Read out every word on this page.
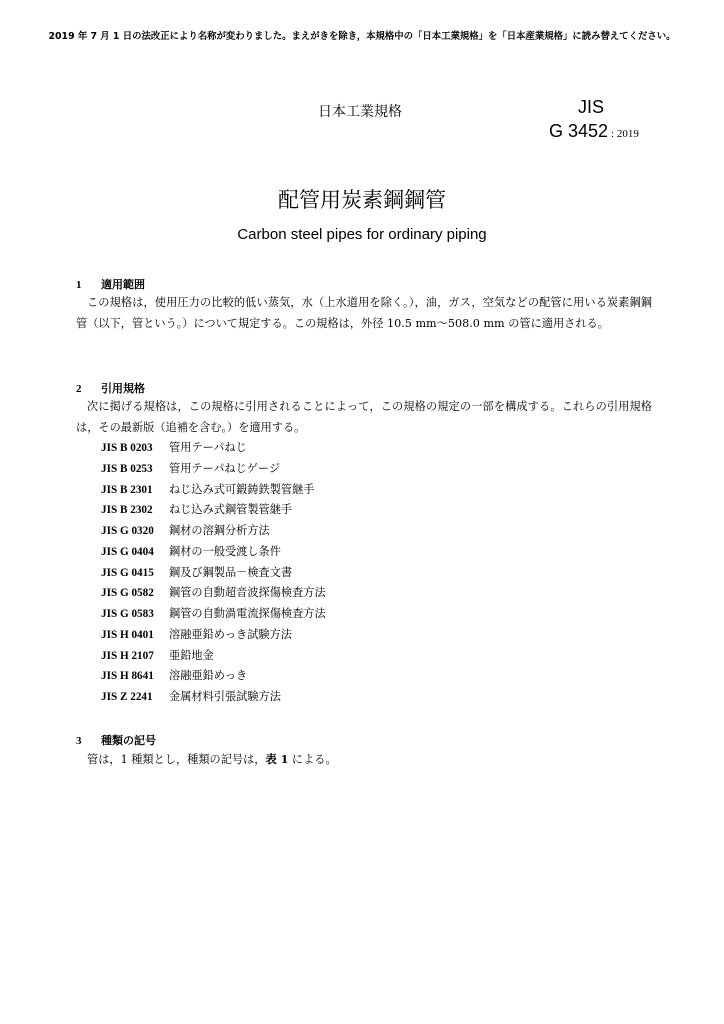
2019 年 7 月 1 日の法改正により名称が変わりました。まえがきを除き，本規格中の「日本工業規格」を「日本産業規格」に読み替えてください。
日本工業規格	JIS
G 3452 : 2019
配管用炭素鋼鋼管
Carbon steel pipes for ordinary piping
1 適用範囲
この規格は，使用圧力の比較的低い蒸気，水（上水道用を除く。），油，ガス，空気などの配管に用いる炭素鋼鋼管（以下，管という。）について規定する。この規格は，外径 10.5 mm～508.0 mm の管に適用される。
2 引用規格
次に掲げる規格は，この規格に引用されることによって，この規格の規定の一部を構成する。これらの引用規格は，その最新版（追補を含む。）を適用する。
JIS B 0203 管用テーパねじ
JIS B 0253 管用テーパねじゲージ
JIS B 2301 ねじ込み式可鍛鋳鉄製管継手
JIS B 2302 ねじ込み式鋼管製管継手
JIS G 0320 鋼材の溶鋼分析方法
JIS G 0404 鋼材の一般受渡し条件
JIS G 0415 鋼及び鋼製品－検査文書
JIS G 0582 鋼管の自動超音波探傷検査方法
JIS G 0583 鋼管の自動渦電流探傷検査方法
JIS H 0401 溶融亜鉛めっき試験方法
JIS H 2107 亜鉛地金
JIS H 8641 溶融亜鉛めっき
JIS Z 2241 金属材料引張試験方法
3 種類の記号
管は，1 種類とし，種類の記号は，表 1 による。
